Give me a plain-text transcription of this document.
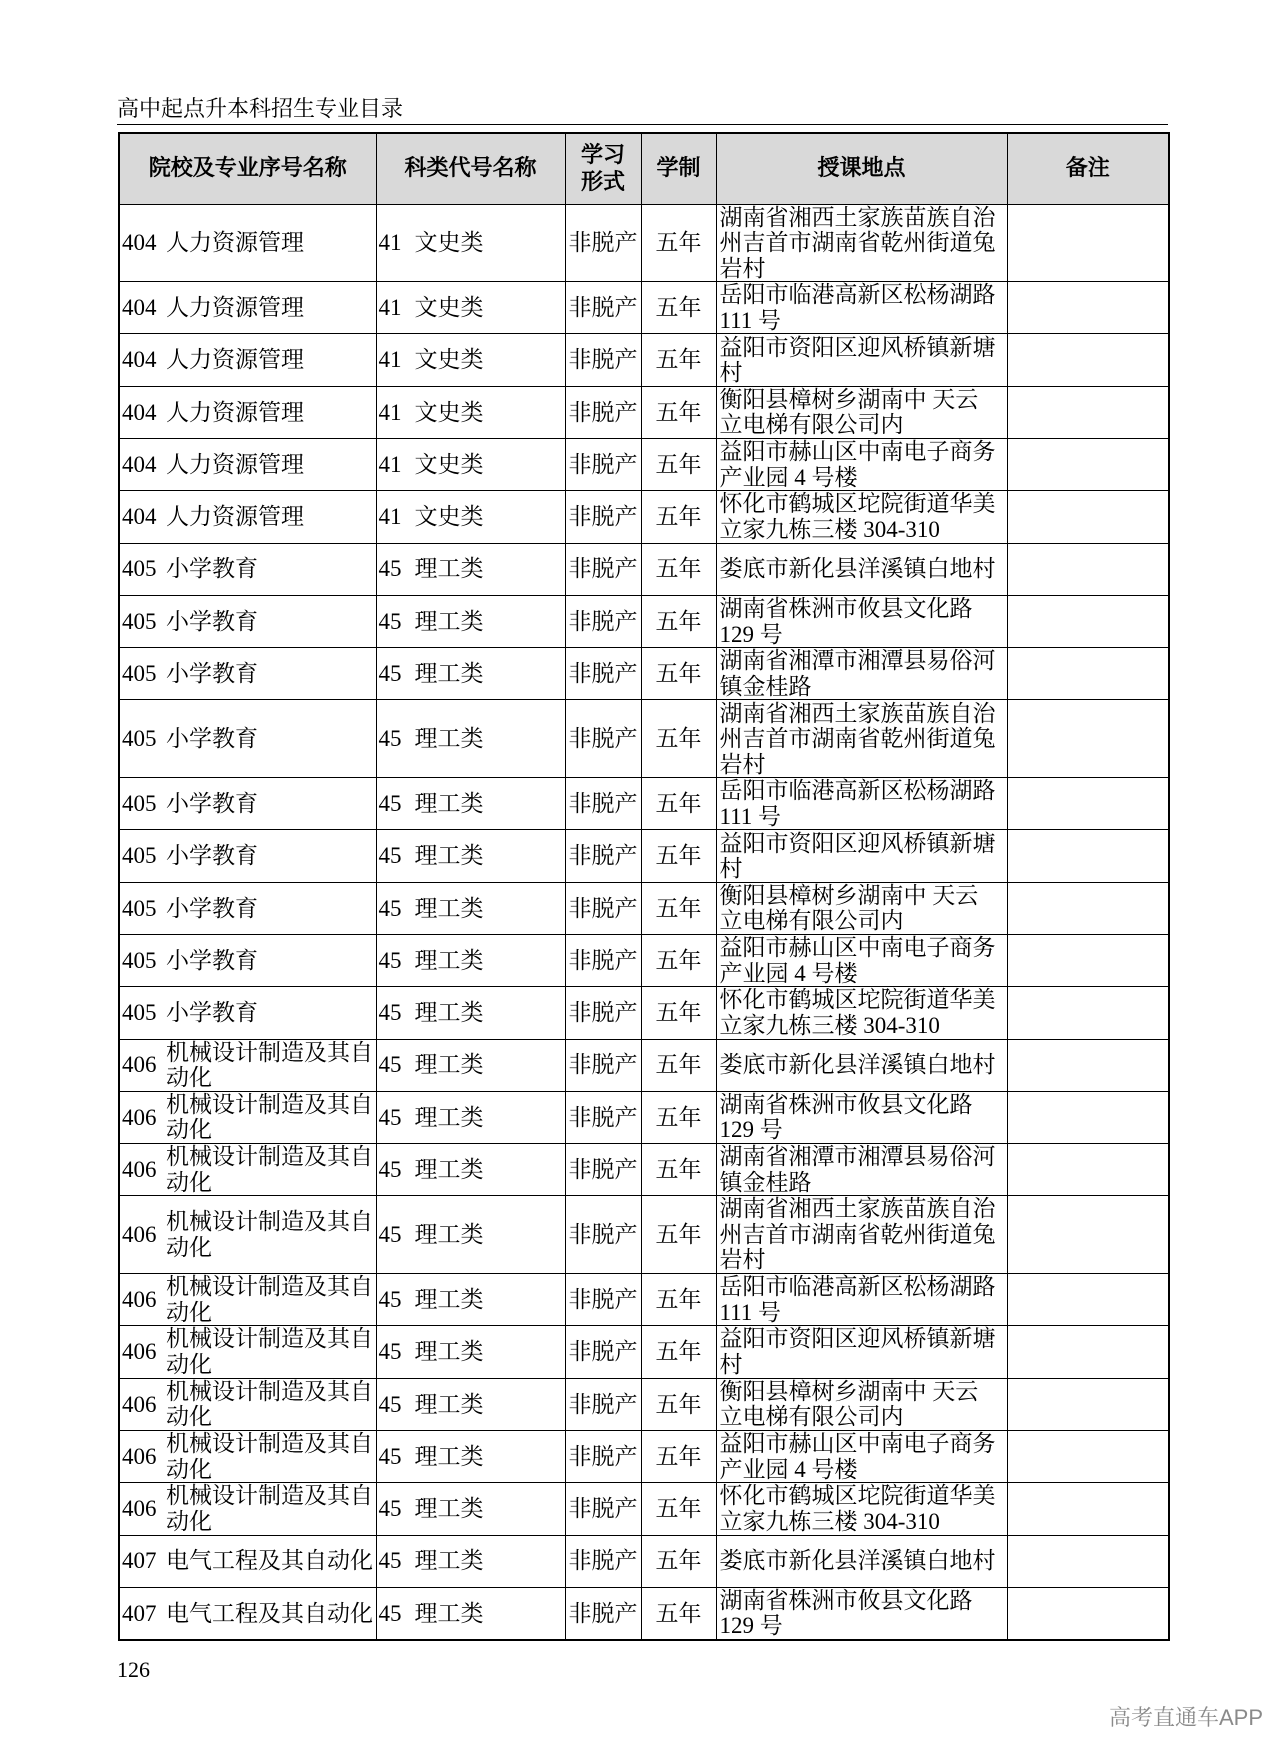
高中起点升本科招生专业目录
院校及专业序号名称	科类代号名称	学习
形式	学制	授课地点	备注

404 人力资源管理	41 文史类	非脱产	五年	湖南省湘西土家族苗族自治
州吉首市湖南省乾州街道兔
岩村	

404 人力资源管理	41 文史类	非脱产	五年	岳阳市临港高新区松杨湖路
111 号	

404 人力资源管理	41 文史类	非脱产	五年	益阳市资阳区迎风桥镇新塘
村	

404 人力资源管理	41 文史类	非脱产	五年	衡阳县樟树乡湖南中 天云
立电梯有限公司内	

404 人力资源管理	41 文史类	非脱产	五年	益阳市赫山区中南电子商务
产业园 4 号楼	

404 人力资源管理	41 文史类	非脱产	五年	怀化市鹤城区坨院街道华美
立家九栋三楼 304-310	

405 小学教育	45 理工类	非脱产	五年	娄底市新化县洋溪镇白地村	

405 小学教育	45 理工类	非脱产	五年	湖南省株洲市攸县文化路
129 号	

405 小学教育	45 理工类	非脱产	五年	湖南省湘潭市湘潭县易俗河
镇金桂路	

405 小学教育	45 理工类	非脱产	五年	湖南省湘西土家族苗族自治
州吉首市湖南省乾州街道兔
岩村	

405 小学教育	45 理工类	非脱产	五年	岳阳市临港高新区松杨湖路
111 号	

405 小学教育	45 理工类	非脱产	五年	益阳市资阳区迎风桥镇新塘
村	

405 小学教育	45 理工类	非脱产	五年	衡阳县樟树乡湖南中 天云
立电梯有限公司内	

405 小学教育	45 理工类	非脱产	五年	益阳市赫山区中南电子商务
产业园 4 号楼	

405 小学教育	45 理工类	非脱产	五年	怀化市鹤城区坨院街道华美
立家九栋三楼 304-310	

406
机械设计制造及其自
动化	45 理工类	非脱产	五年	娄底市新化县洋溪镇白地村	

406
机械设计制造及其自
动化	45 理工类	非脱产	五年	湖南省株洲市攸县文化路
129 号	

406
机械设计制造及其自
动化	45 理工类	非脱产	五年	湖南省湘潭市湘潭县易俗河
镇金桂路	

406
机械设计制造及其自
动化	45 理工类	非脱产	五年	湖南省湘西土家族苗族自治
州吉首市湖南省乾州街道兔
岩村	

406
机械设计制造及其自
动化	45 理工类	非脱产	五年	岳阳市临港高新区松杨湖路
111 号	

406
机械设计制造及其自
动化	45 理工类	非脱产	五年	益阳市资阳区迎风桥镇新塘
村	

406
机械设计制造及其自
动化	45 理工类	非脱产	五年	衡阳县樟树乡湖南中 天云
立电梯有限公司内	

406
机械设计制造及其自
动化	45 理工类	非脱产	五年	益阳市赫山区中南电子商务
产业园 4 号楼	

406
机械设计制造及其自
动化	45 理工类	非脱产	五年	怀化市鹤城区坨院街道华美
立家九栋三楼 304-310	

407 电气工程及其自动化	45 理工类	非脱产	五年	娄底市新化县洋溪镇白地村	

407 电气工程及其自动化	45 理工类	非脱产	五年	湖南省株洲市攸县文化路
129 号	

126
高考直通车APP
